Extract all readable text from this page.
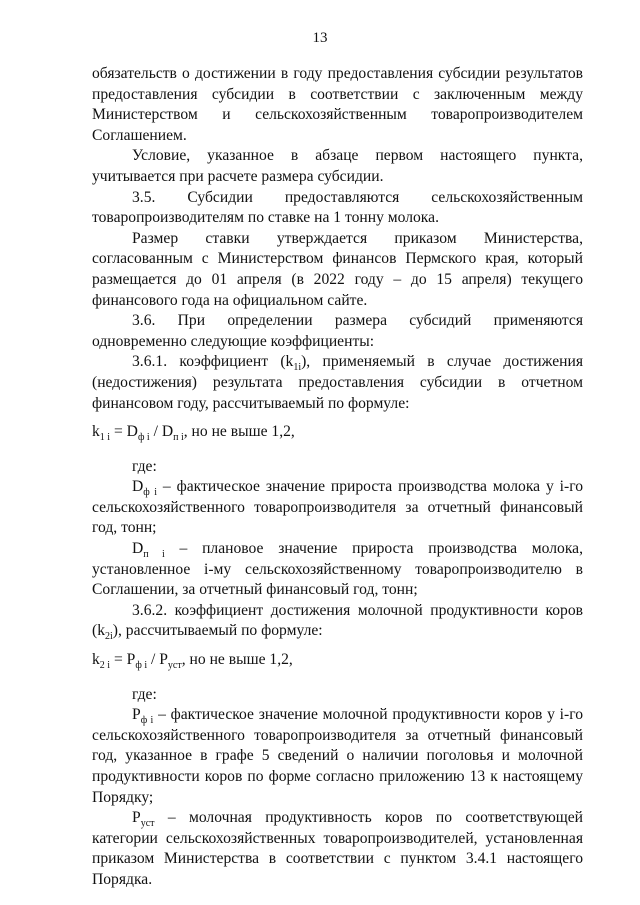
13

обязательств о достижении в году предоставления субсидии результатов предоставления субсидии в соответствии с заключенным между Министерством и сельскохозяйственным товаропроизводителем Соглашением.

Условие, указанное в абзаце первом настоящего пункта, учитывается при расчете размера субсидии.

3.5. Субсидии предоставляются сельскохозяйственным товаропроизводителям по ставке на 1 тонну молока.

Размер ставки утверждается приказом Министерства, согласованным с Министерством финансов Пермского края, который размещается до 01 апреля (в 2022 году – до 15 апреля) текущего финансового года на официальном сайте.

3.6. При определении размера субсидий применяются одновременно следующие коэффициенты:

3.6.1. коэффициент $(k_{1i})$, применяемый в случае достижения (недостижения) результата предоставления субсидии в отчетном финансовом году, рассчитываемый по формуле:

$k_{1 i} = D_{ф i} / D_{п i}$, но не выше 1,2,

где:

$D_{ф i}$ – фактическое значение прироста производства молока у i-го сельскохозяйственного товаропроизводителя за отчетный финансовый год, тонн;

$D_{п i}$ – плановое значение прироста производства молока, установленное i-му сельскохозяйственному товаропроизводителю в Соглашении, за отчетный финансовый год, тонн;

3.6.2. коэффициент достижения молочной продуктивности коров $(k_{2i})$, рассчитываемый по формуле:

$k_{2 i} = P_{ф i} / P_{уст}$, но не выше 1,2,

где:

$P_{ф i}$ – фактическое значение молочной продуктивности коров у i-го сельскохозяйственного товаропроизводителя за отчетный финансовый год, указанное в графе 5 сведений о наличии поголовья и молочной продуктивности коров по форме согласно приложению 13 к настоящему Порядку;

$P_{уст}$ – молочная продуктивность коров по соответствующей категории сельскохозяйственных товаропроизводителей, установленная приказом Министерства в соответствии с пунктом 3.4.1 настоящего Порядка.
